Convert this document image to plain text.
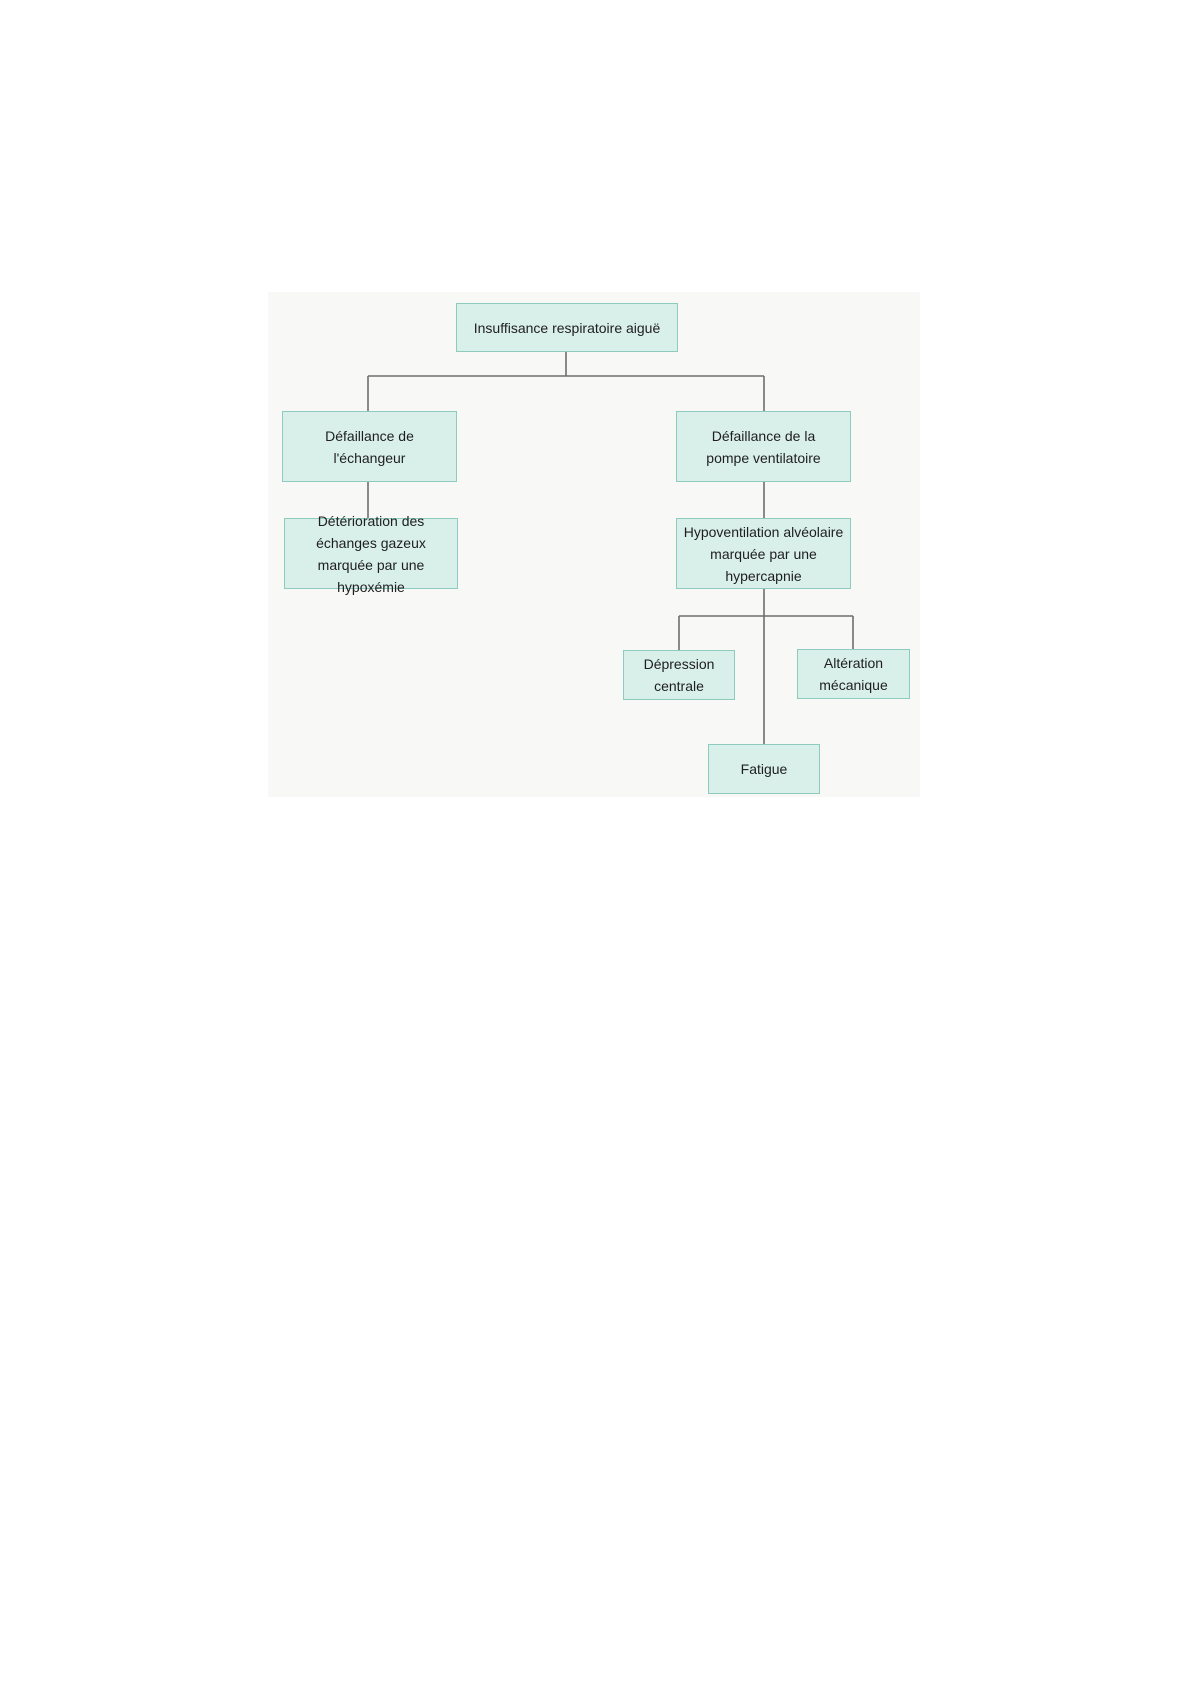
Insuffisance respiratoire aiguë
Défaillance de l'échangeur
Détérioration des échanges gazeux marquée par une hypoxémie
Défaillance de la pompe ventilatoire
Hypoventilation alvéolaire marquée par une hypercapnie
Dépression centrale
Altération mécanique
Fatigue
